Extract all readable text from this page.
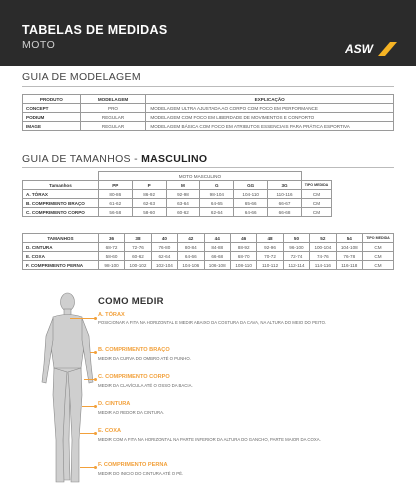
TABELAS DE MEDIDAS
MOTO	ASW
GUIA DE MODELAGEM
PRODUTO	MODELAGEM	EXPLICAÇÃO
CONCEPT	PRO	MODELAGEM ULTRA AJUSTADA AO CORPO COM FOCO EM PERFORMANCE
PODIUM	REGULAR	MODELAGEM COM FOCO EM LIBERDADE DE MOVIMENTOS E CONFORTO
IMAGE	REGULAR	MODELAGEM BÁSICA COM FOCO EM ATRIBUTOS ESSENCIAIS PARA PRÁTICA ESPORTIVA
GUIA DE TAMANHOS - MASCULINO
	MOTO MASCULINO						
Tamanhos	PP	P	M	G	GG	3G	TIPO MEDIDA
A. TÓRAX	80-86	86-92	92-98	98-104	104-110	110-116	CM
B. COMPRIMENTO BRAÇO	61-62	62-63	63-64	64-65	65-66	66-67	CM
C. COMPRIMENTO CORPO	56-58	58-60	60-62	62-64	64-66	66-68	CM
TAMANHOS	36	38	40	42	44	46	48	50	52	54	TIPO MEDIDA
D. CINTURA	68-72	72-76	76-80	80-84	84-88	88-92	92-96	96-100	100-104	104-108	CM
E. COXA	58-60	60-62	62-64	64-66	66-68	68-70	70-72	72-74	74-76	76-78	CM
F. COMPRIMENTO PERNA	98-100	100-102	102-104	104-106	106-108	108-110	110-112	112-114	114-116	116-118	CM
COMO MEDIR
A. TÓRAX
POSICIONAR A FITA NA HORIZONTAL E MEDIR ABAIXO DA COSTURA DA CAVA, NA ALTURA DO MEIO DO PEITO.
B. COMPRIMENTO BRAÇO
MEDIR DA CURVA DO OMBRO ATÉ O PUNHO.
C. COMPRIMENTO CORPO
MEDIR DA CLAVÍCULA ATÉ O OSSO DA BACIA.
D. CINTURA
MEDIR AO REDOR DA CINTURA.
E. COXA
MEDIR COM A FITA NA HORIZONTAL NA PARTE INFERIOR DA ALTURA DO GANCHO, PARTE MAIOR DA COXA.
F. COMPRIMENTO PERNA
MEDIR DO INICIO DO CINTURA ATÉ O PÉ.
